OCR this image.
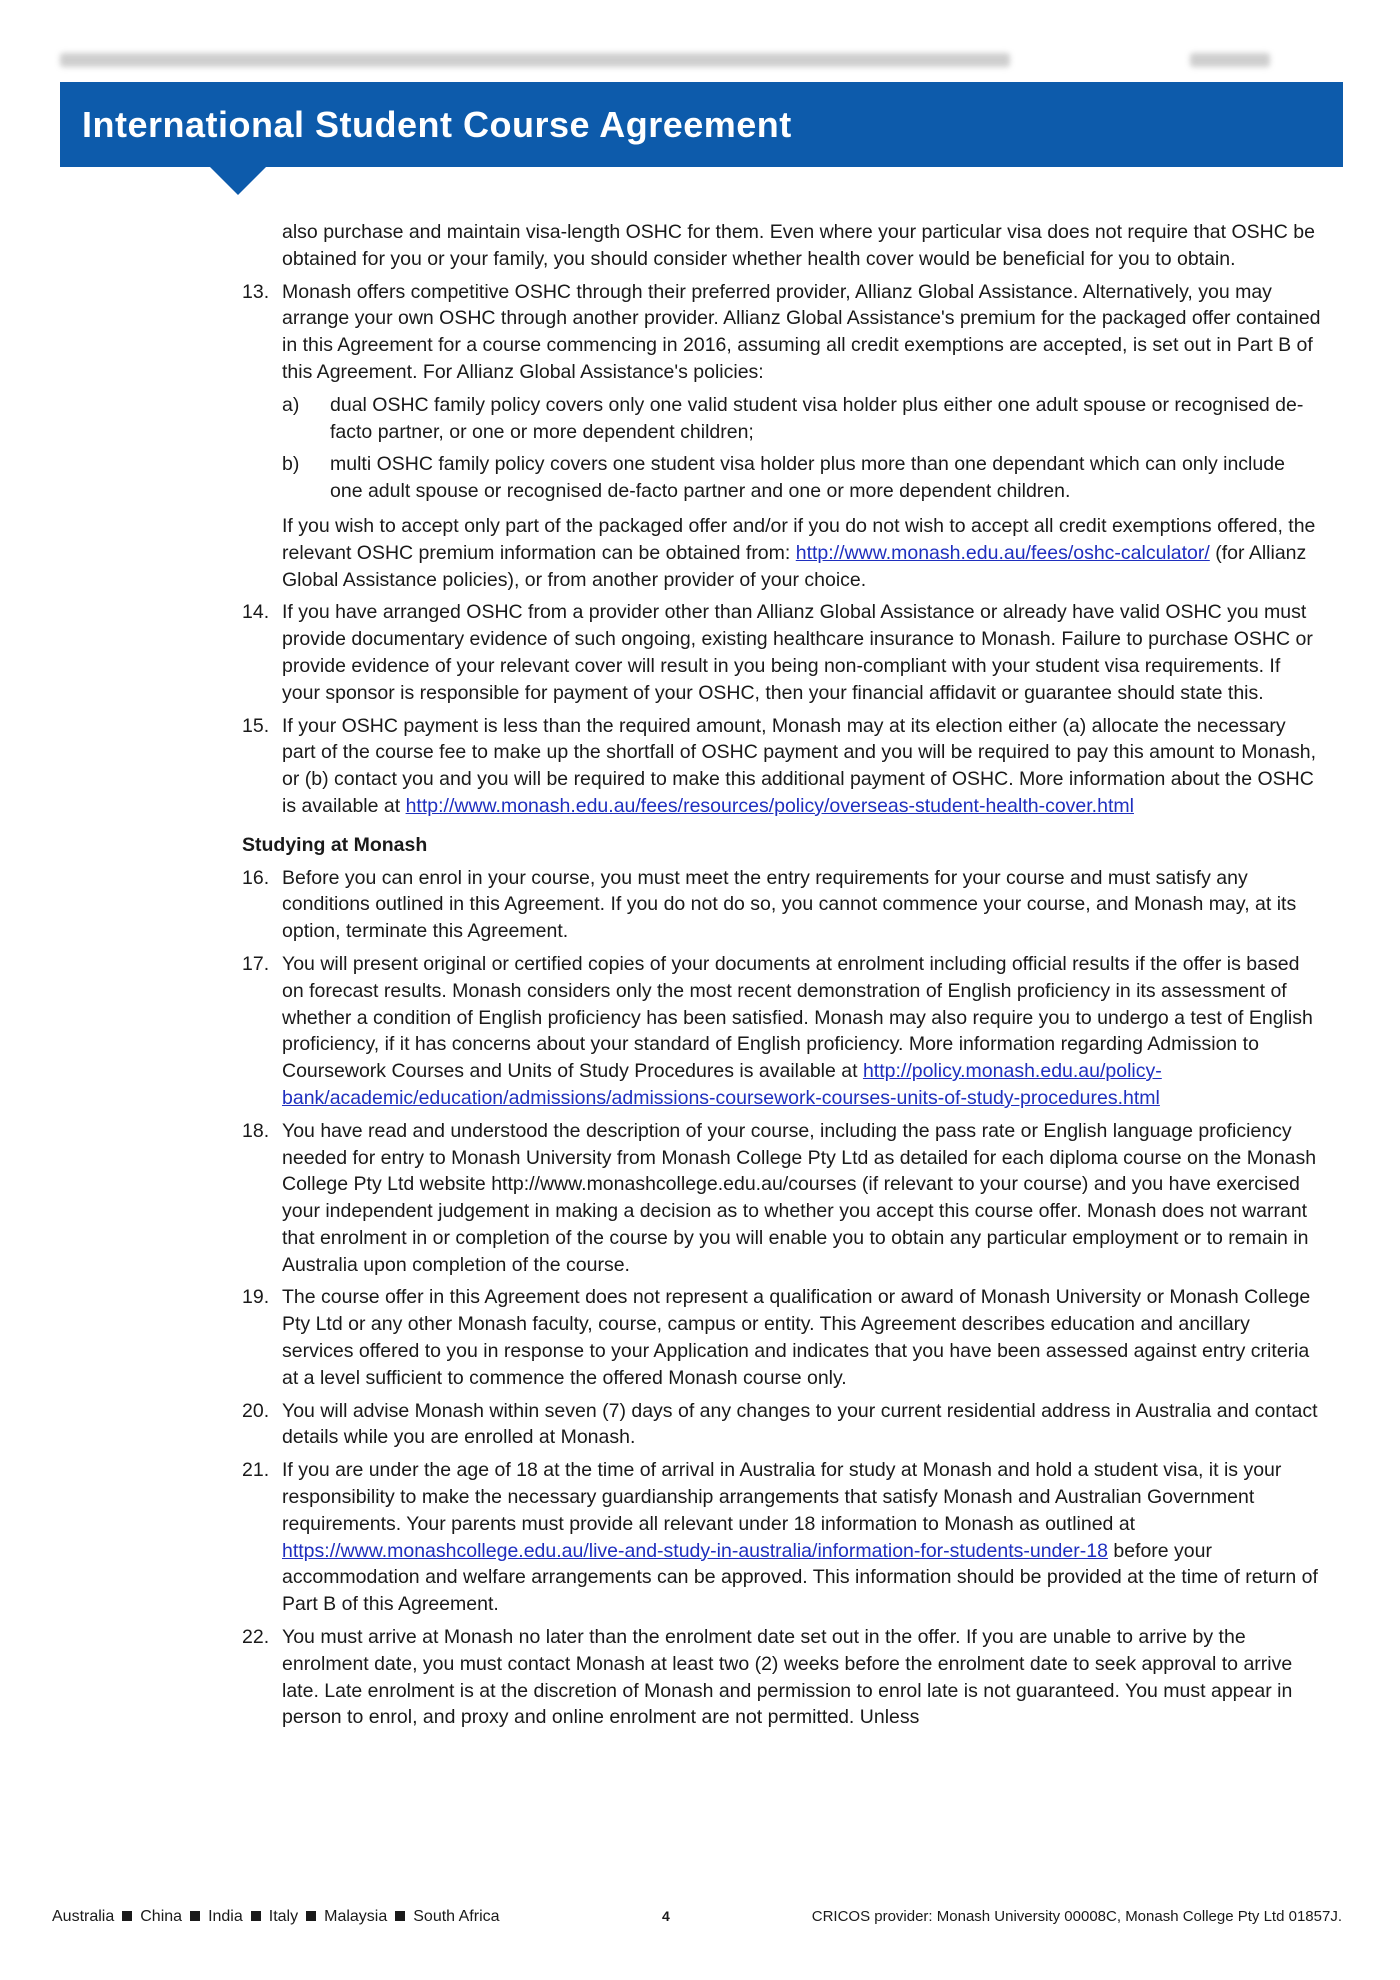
International Student Course Agreement

also purchase and maintain visa-length OSHC for them. Even where your particular visa does not require that OSHC be obtained for you or your family, you should consider whether health cover would be beneficial for you to obtain.

13. Monash offers competitive OSHC through their preferred provider, Allianz Global Assistance. Alternatively, you may arrange your own OSHC through another provider. Allianz Global Assistance's premium for the packaged offer contained in this Agreement for a course commencing in 2016, assuming all credit exemptions are accepted, is set out in Part B of this Agreement. For Allianz Global Assistance's policies:

a)	dual OSHC family policy covers only one valid student visa holder plus either one adult spouse or recognised de-facto partner, or one or more dependent children;
b)	multi OSHC family policy covers one student visa holder plus more than one dependant which can only include one adult spouse or recognised de-facto partner and one or more dependent children.

If you wish to accept only part of the packaged offer and/or if you do not wish to accept all credit exemptions offered, the relevant OSHC premium information can be obtained from: http://www.monash.edu.au/fees/oshc-calculator/ (for Allianz Global Assistance policies), or from another provider of your choice.

14. If you have arranged OSHC from a provider other than Allianz Global Assistance or already have valid OSHC you must provide documentary evidence of such ongoing, existing healthcare insurance to Monash. Failure to purchase OSHC or provide evidence of your relevant cover will result in you being non-compliant with your student visa requirements. If your sponsor is responsible for payment of your OSHC, then your financial affidavit or guarantee should state this.

15. If your OSHC payment is less than the required amount, Monash may at its election either (a) allocate the necessary part of the course fee to make up the shortfall of OSHC payment and you will be required to pay this amount to Monash, or (b) contact you and you will be required to make this additional payment of OSHC. More information about the OSHC is available at http://www.monash.edu.au/fees/resources/policy/overseas-student-health-cover.html

Studying at Monash

16. Before you can enrol in your course, you must meet the entry requirements for your course and must satisfy any conditions outlined in this Agreement. If you do not do so, you cannot commence your course, and Monash may, at its option, terminate this Agreement.

17. You will present original or certified copies of your documents at enrolment including official results if the offer is based on forecast results. Monash considers only the most recent demonstration of English proficiency in its assessment of whether a condition of English proficiency has been satisfied. Monash may also require you to undergo a test of English proficiency, if it has concerns about your standard of English proficiency. More information regarding Admission to Coursework Courses and Units of Study Procedures is available at http://policy.monash.edu.au/policy-bank/academic/education/admissions/admissions-coursework-courses-units-of-study-procedures.html

18. You have read and understood the description of your course, including the pass rate or English language proficiency needed for entry to Monash University from Monash College Pty Ltd as detailed for each diploma course on the Monash College Pty Ltd website http://www.monashcollege.edu.au/courses (if relevant to your course) and you have exercised your independent judgement in making a decision as to whether you accept this course offer. Monash does not warrant that enrolment in or completion of the course by you will enable you to obtain any particular employment or to remain in Australia upon completion of the course.

19. The course offer in this Agreement does not represent a qualification or award of Monash University or Monash College Pty Ltd or any other Monash faculty, course, campus or entity. This Agreement describes education and ancillary services offered to you in response to your Application and indicates that you have been assessed against entry criteria at a level sufficient to commence the offered Monash course only.

20. You will advise Monash within seven (7) days of any changes to your current residential address in Australia and contact details while you are enrolled at Monash.

21. If you are under the age of 18 at the time of arrival in Australia for study at Monash and hold a student visa, it is your responsibility to make the necessary guardianship arrangements that satisfy Monash and Australian Government requirements. Your parents must provide all relevant under 18 information to Monash as outlined at https://www.monashcollege.edu.au/live-and-study-in-australia/information-for-students-under-18 before your accommodation and welfare arrangements can be approved. This information should be provided at the time of return of Part B of this Agreement.

22. You must arrive at Monash no later than the enrolment date set out in the offer. If you are unable to arrive by the enrolment date, you must contact Monash at least two (2) weeks before the enrolment date to seek approval to arrive late. Late enrolment is at the discretion of Monash and permission to enrol late is not guaranteed. You must appear in person to enrol, and proxy and online enrolment are not permitted. Unless

Australia China India Italy Malaysia South Africa	4	CRICOS provider: Monash University 00008C, Monash College Pty Ltd 01857J.
